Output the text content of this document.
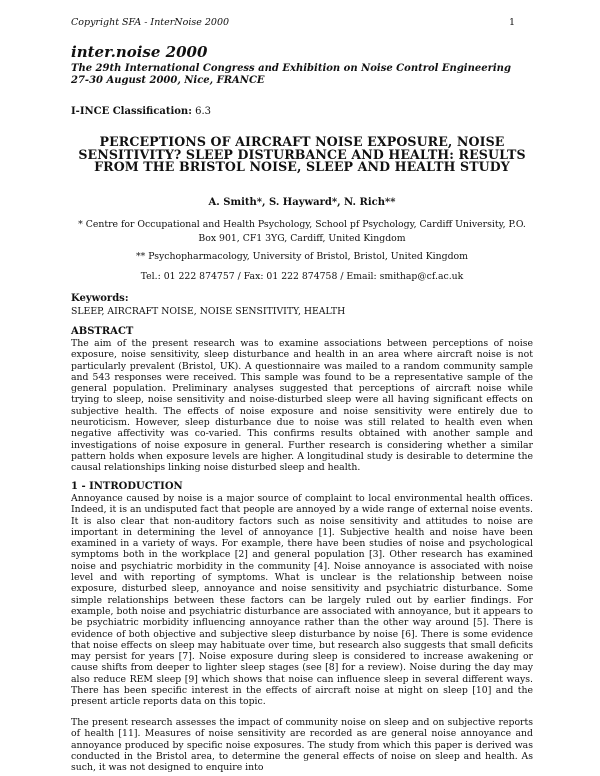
Copyright SFA - InterNoise 2000	1
inter.noise 2000
The 29th International Congress and Exhibition on Noise Control Engineering
27-30 August 2000, Nice, FRANCE
I-INCE Classification: 6.3
PERCEPTIONS OF AIRCRAFT NOISE EXPOSURE, NOISE SENSITIVITY? SLEEP DISTURBANCE AND HEALTH: RESULTS FROM THE BRISTOL NOISE, SLEEP AND HEALTH STUDY
A. Smith*, S. Hayward*, N. Rich**
* Centre for Occupational and Health Psychology, School pf Psychology, Cardiff University, P.O. Box 901, CF1 3YG, Cardiff, United Kingdom
** Psychopharmacology, University of Bristol, Bristol, United Kingdom
Tel.: 01 222 874757 / Fax: 01 222 874758 / Email: smithap@cf.ac.uk
Keywords:
SLEEP, AIRCRAFT NOISE, NOISE SENSITIVITY, HEALTH
ABSTRACT

The aim of the present research was to examine associations between perceptions of noise exposure, noise sensitivity, sleep disturbance and health in an area where aircraft noise is not particularly prevalent (Bristol, UK). A questionnaire was mailed to a random community sample and 543 responses were received. This sample was found to be a representative sample of the general population. Preliminary analyses suggested that perceptions of aircraft noise while trying to sleep, noise sensitivity and noise-disturbed sleep were all having significant effects on subjective health. The effects of noise exposure and noise sensitivity were entirely due to neuroticism. However, sleep disturbance due to noise was still related to health even when negative affectivity was co-varied. This confirms results obtained with another sample and investigations of noise exposure in general. Further research is considering whether a similar pattern holds when exposure levels are higher. A longitudinal study is desirable to determine the causal relationships linking noise disturbed sleep and health.

1 - INTRODUCTION

Annoyance caused by noise is a major source of complaint to local environmental health offices. Indeed, it is an undisputed fact that people are annoyed by a wide range of external noise events. It is also clear that non-auditory factors such as noise sensitivity and attitudes to noise are important in determining the level of annoyance [1]. Subjective health and noise have been examined in a variety of ways. For example, there have been studies of noise and psychological symptoms both in the workplace [2] and general population [3]. Other research has examined noise and psychiatric morbidity in the community [4]. Noise annoyance is associated with noise level and with reporting of symptoms. What is unclear is the relationship between noise exposure, disturbed sleep, annoyance and noise sensitivity and psychiatric disturbance. Some simple relationships between these factors can be largely ruled out by earlier findings. For example, both noise and psychiatric disturbance are associated with annoyance, but it appears to be psychiatric morbidity influencing annoyance rather than the other way around [5]. There is evidence of both objective and subjective sleep disturbance by noise [6]. There is some evidence that noise effects on sleep may habituate over time, but research also suggests that small deficits may persist for years [7]. Noise exposure during sleep is considered to increase awakening or cause shifts from deeper to lighter sleep stages (see [8] for a review). Noise during the day may also reduce REM sleep [9] which shows that noise can influence sleep in several different ways. There has been specific interest in the effects of aircraft noise at night on sleep [10] and the present article reports data on this topic.

The present research assesses the impact of community noise on sleep and on subjective reports of health [11]. Measures of noise sensitivity are recorded as are general noise annoyance and annoyance produced by specific noise exposures. The study from which this paper is derived was conducted in the Bristol area, to determine the general effects of noise on sleep and health. As such, it was not designed to enquire into
